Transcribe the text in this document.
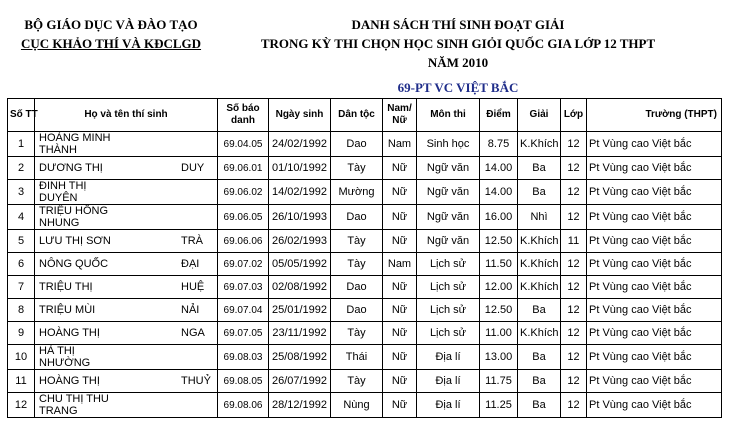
BỘ GIÁO DỤC VÀ ĐÀO TẠO
CỤC KHẢO THÍ VÀ KĐCLGD
DANH SÁCH THÍ SINH ĐOẠT GIẢI
TRONG KỲ THI CHỌN HỌC SINH GIỎI QUỐC GIA LỚP 12 THPT
NĂM 2010
69-PT VC VIỆT BẮC
Số TT	Họ và tên thí sinh	Số báo danh	Ngày sinh	Dân tộc	Nam/ Nữ	Môn thi	Điểm	Giải	Lớp	Trường (THPT)
1	HOÀNG MINH
THÀNH	69.04.05	24/02/1992	Dao	Nam	Sinh học	8.75	K.Khích	12	Pt Vùng cao Việt bắc
2	DƯƠNG THỊ DUY	69.06.01	01/10/1992	Tày	Nữ	Ngữ văn	14.00	Ba	12	Pt Vùng cao Việt bắc
3	ĐINH THỊ
DUYÊN	69.06.02	14/02/1992	Mường	Nữ	Ngữ văn	14.00	Ba	12	Pt Vùng cao Việt bắc
4	TRIỆU HỒNG
NHUNG	69.06.05	26/10/1993	Dao	Nữ	Ngữ văn	16.00	Nhì	12	Pt Vùng cao Việt bắc
5	LƯU THỊ SƠN TRÀ	69.06.06	26/02/1993	Tày	Nữ	Ngữ văn	12.50	K.Khích	11	Pt Vùng cao Việt bắc
6	NÔNG QUỐC ĐẠI	69.07.02	05/05/1992	Tày	Nam	Lịch sử	11.50	K.Khích	12	Pt Vùng cao Việt bắc
7	TRIỆU THỊ HUỆ	69.07.03	02/08/1992	Dao	Nữ	Lịch sử	12.00	K.Khích	12	Pt Vùng cao Việt bắc
8	TRIỆU MÙI NẢI	69.07.04	25/01/1992	Dao	Nữ	Lịch sử	12.50	Ba	12	Pt Vùng cao Việt bắc
9	HOÀNG THỊ NGA	69.07.05	23/11/1992	Tày	Nữ	Lịch sử	11.00	K.Khích	12	Pt Vùng cao Việt bắc
10	HÀ THỊ
NHƯỜNG	69.08.03	25/08/1992	Thái	Nữ	Địa lí	13.00	Ba	12	Pt Vùng cao Việt bắc
11	HOÀNG THỊ THUỶ	69.08.05	26/07/1992	Tày	Nữ	Địa lí	11.75	Ba	12	Pt Vùng cao Việt bắc
12	CHU THỊ THU
TRANG	69.08.06	28/12/1992	Nùng	Nữ	Địa lí	11.25	Ba	12	Pt Vùng cao Việt bắc
